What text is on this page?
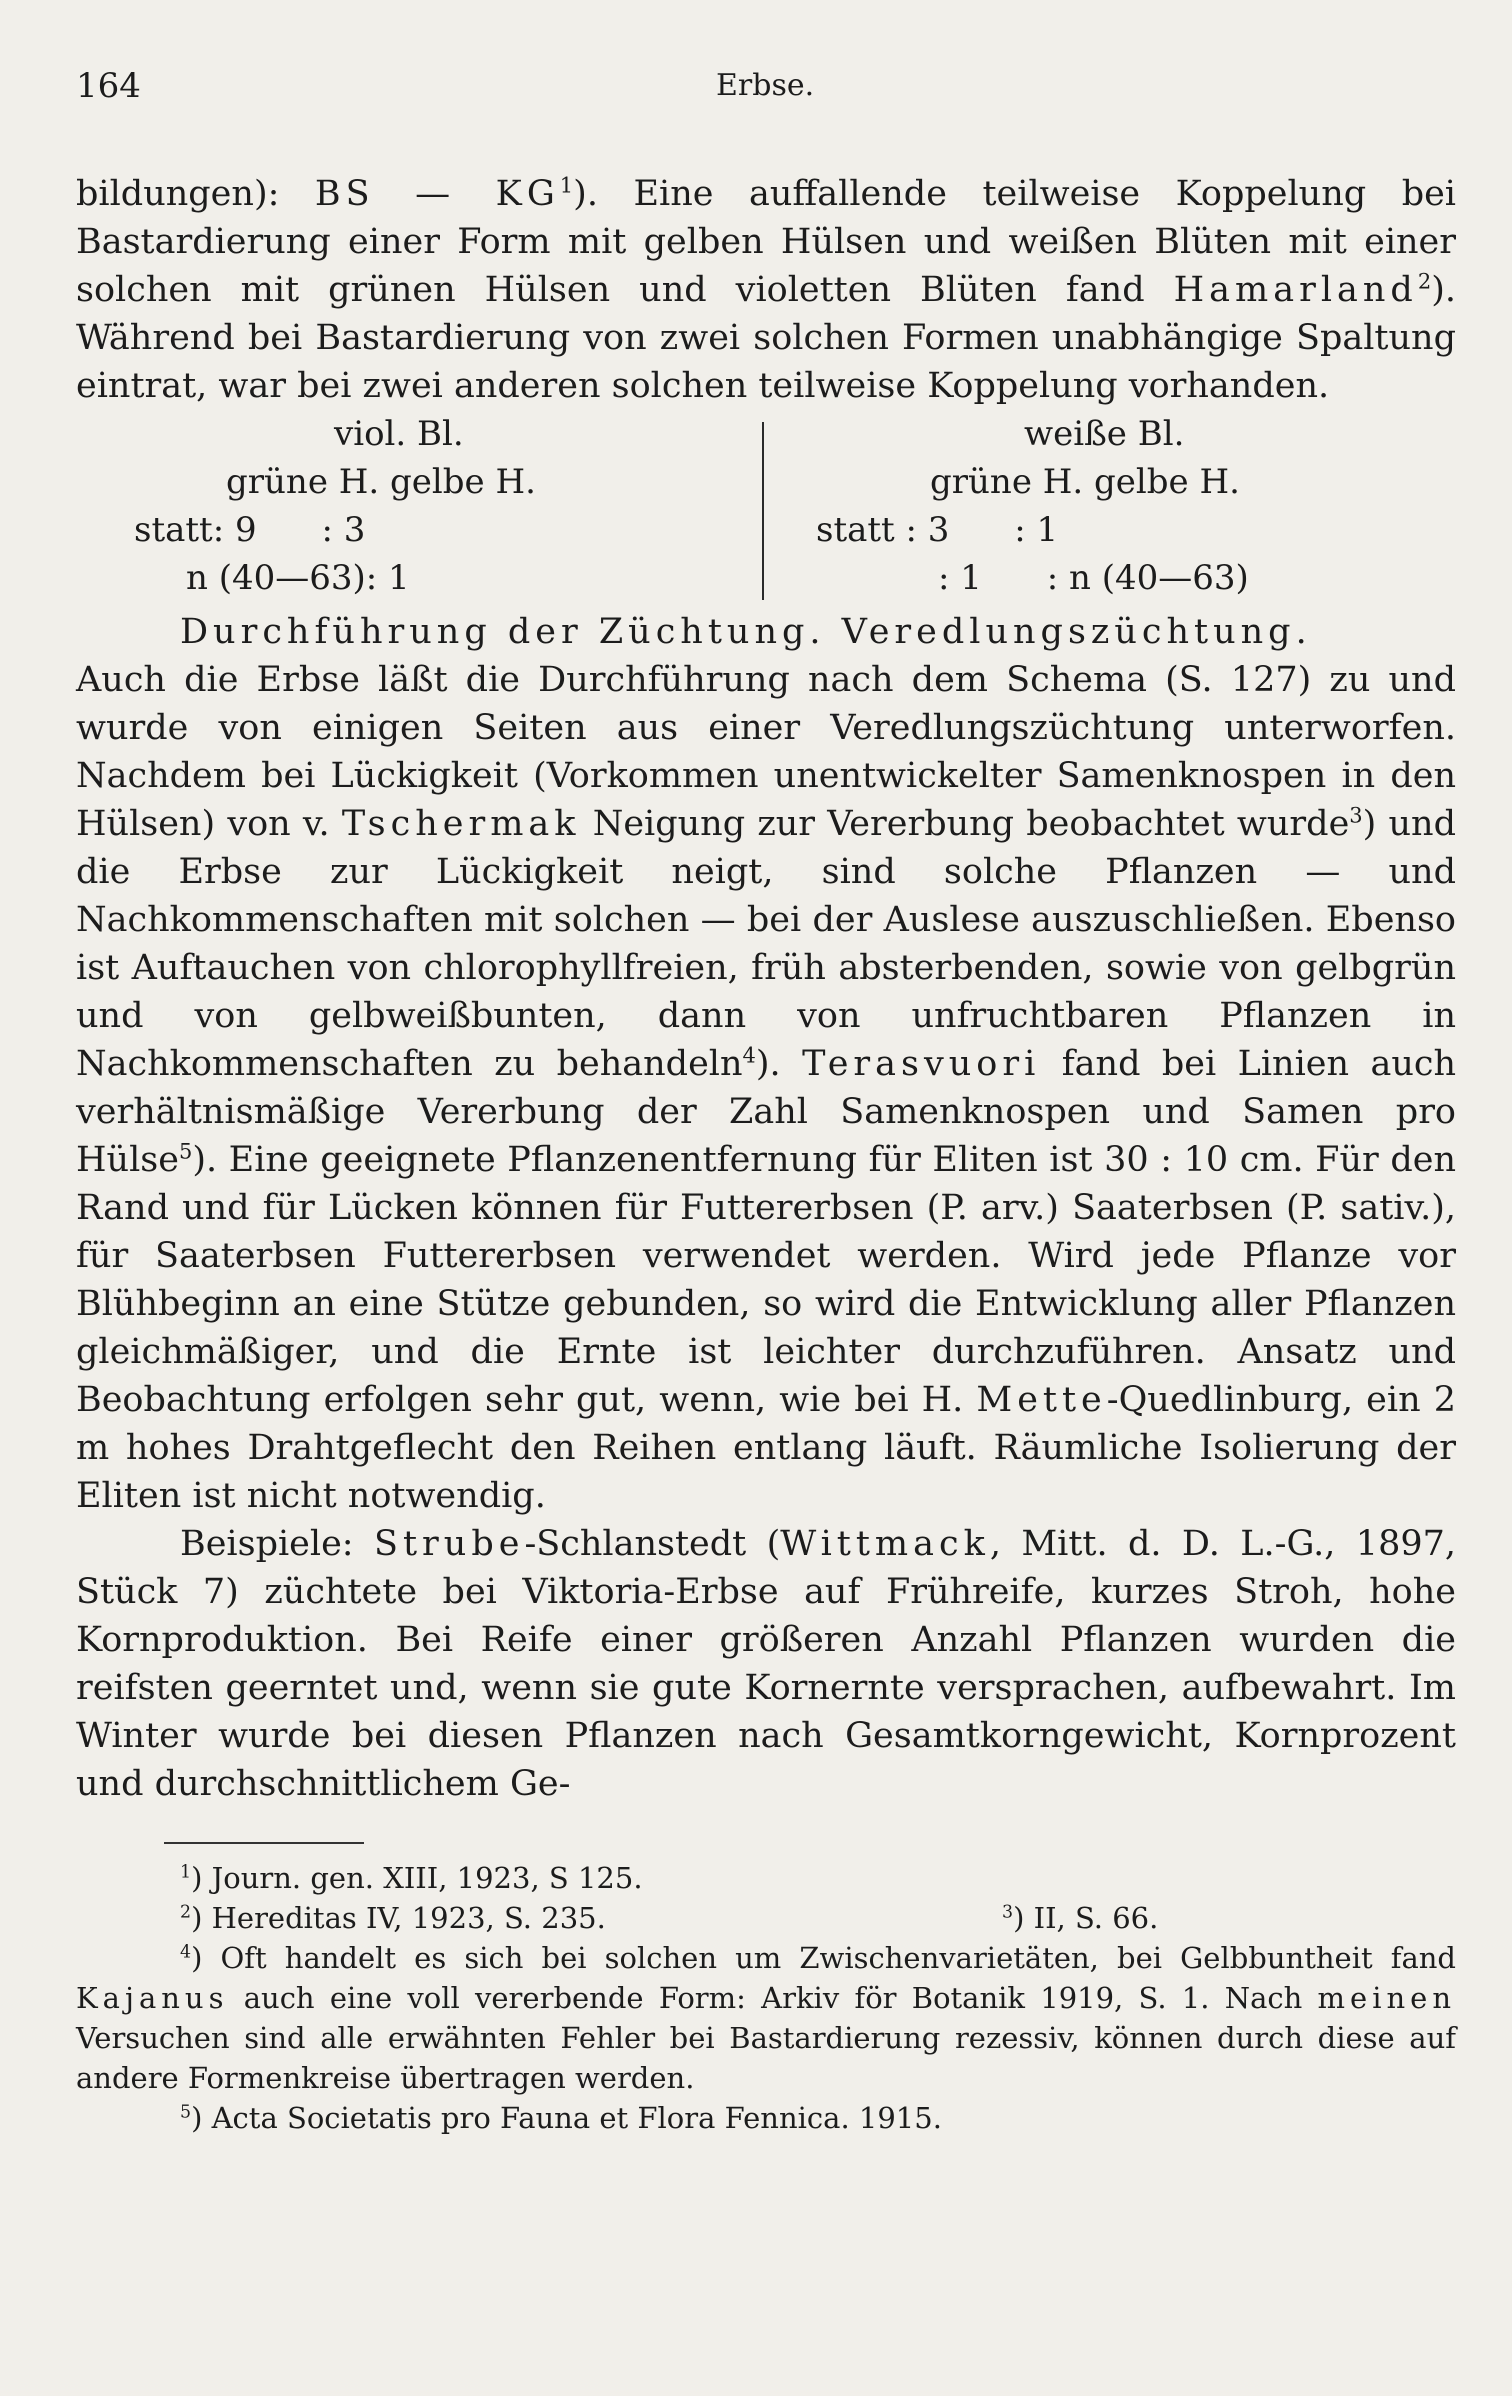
164	Erbse.

bildungen): BS — $KG^1$). Eine auffallende teilweise Koppelung bei Bastardierung einer Form mit gelben Hülsen und weißen Blüten mit einer solchen mit grünen Hülsen und violetten Blüten fand Hamarland$^2$). Während bei Bastardierung von zwei solchen Formen unabhängige Spaltung eintrat, war bei zwei anderen solchen teilweise Koppelung vorhanden.

viol. Bl.
grüne H. gelbe H.
statt: 9      : 3
n (40—63): 1
weiße Bl.
grüne H. gelbe H.
statt : 3      : 1
: 1      : n (40—63)

Durchführung der Züchtung. Veredlungszüchtung.

Auch die Erbse läßt die Durchführung nach dem Schema (S. 127) zu und wurde von einigen Seiten aus einer Veredlungszüchtung unterworfen. Nachdem bei Lückigkeit (Vorkommen unentwickelter Samenknospen in den Hülsen) von v. Tschermak Neigung zur Vererbung beobachtet wurde$^3$) und die Erbse zur Lückigkeit neigt, sind solche Pflanzen — und Nachkommenschaften mit solchen — bei der Auslese auszuschließen. Ebenso ist Auftauchen von chlorophyllfreien, früh absterbenden, sowie von gelbgrün und von gelbweißbunten, dann von unfruchtbaren Pflanzen in Nachkommenschaften zu behandeln$^4$). Terasvuori fand bei Linien auch verhältnismäßige Vererbung der Zahl Samenknospen und Samen pro Hülse$^5$). Eine geeignete Pflanzenentfernung für Eliten ist 30 : 10 cm. Für den Rand und für Lücken können für Futtererbsen (P. arv.) Saaterbsen (P. sativ.), für Saaterbsen Futtererbsen verwendet werden. Wird jede Pflanze vor Blühbeginn an eine Stütze gebunden, so wird die Entwicklung aller Pflanzen gleichmäßiger, und die Ernte ist leichter durchzuführen. Ansatz und Beobachtung erfolgen sehr gut, wenn, wie bei H. Mette-Quedlinburg, ein 2 m hohes Drahtgeflecht den Reihen entlang läuft. Räumliche Isolierung der Eliten ist nicht notwendig.

Beispiele: Strube-Schlanstedt (Wittmack, Mitt. d. D. L.-G., 1897, Stück 7) züchtete bei Viktoria-Erbse auf Frühreife, kurzes Stroh, hohe Kornproduktion. Bei Reife einer größeren Anzahl Pflanzen wurden die reifsten geerntet und, wenn sie gute Kornernte versprachen, aufbewahrt. Im Winter wurde bei diesen Pflanzen nach Gesamtkorngewicht, Kornprozent und durchschnittlichem Ge-

$^1$) Journ. gen. XIII, 1923, S 125.

$^2$ ) Hereditas IV, 1923, S. 235.	$^3$ ) II, S. 66.

$^4$) Oft handelt es sich bei solchen um Zwischenvarietäten, bei Gelbbuntheit fand Kajanus auch eine voll vererbende Form: Arkiv för Botanik 1919, S. 1. Nach meinen Versuchen sind alle erwähnten Fehler bei Bastardierung rezessiv, können durch diese auf andere Formenkreise übertragen werden.

$^5$) Acta Societatis pro Fauna et Flora Fennica. 1915.
